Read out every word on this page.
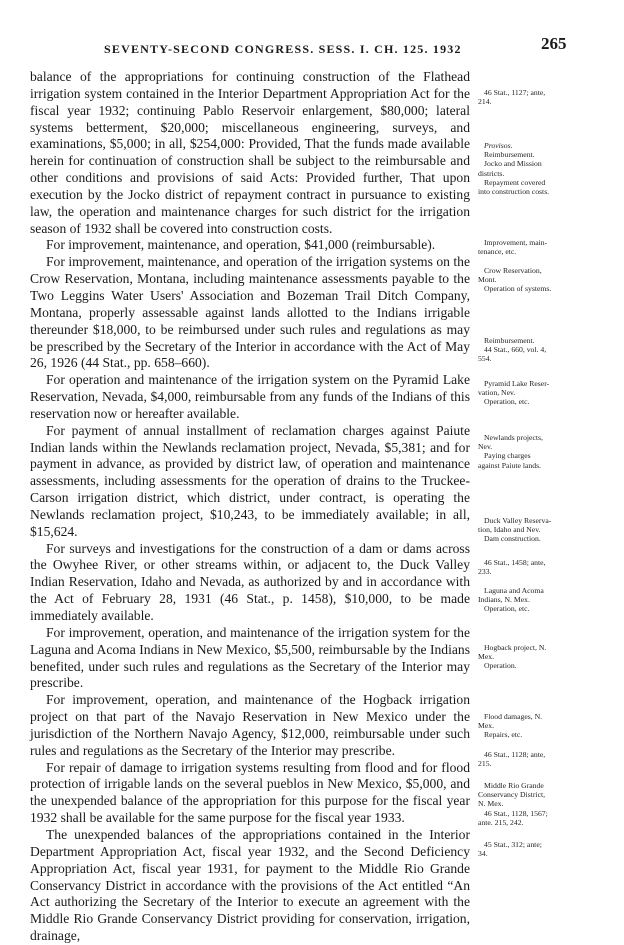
SEVENTY-SECOND CONGRESS. SESS. I. CH. 125. 1932	265

balance of the appropriations for continuing construction of the Flathead irrigation system contained in the Interior Department Appropriation Act for the fiscal year 1932; continuing Pablo Reservoir enlargement, $80,000; lateral systems betterment, $20,000; miscellaneous engineering, surveys, and examinations, $5,000; in all, $254,000: Provided, That the funds made available herein for continuation of construction shall be subject to the reimbursable and other conditions and provisions of said Acts: Provided further, That upon execution by the Jocko district of repayment contract in pursuance to existing law, the operation and maintenance charges for such district for the irrigation season of 1932 shall be covered into construction costs.

For improvement, maintenance, and operation, $41,000 (reimbursable).

For improvement, maintenance, and operation of the irrigation systems on the Crow Reservation, Montana, including maintenance assessments payable to the Two Leggins Water Users' Association and Bozeman Trail Ditch Company, Montana, properly assessable against lands allotted to the Indians irrigable thereunder $18,000, to be reimbursed under such rules and regulations as may be prescribed by the Secretary of the Interior in accordance with the Act of May 26, 1926 (44 Stat., pp. 658–660).

For operation and maintenance of the irrigation system on the Pyramid Lake Reservation, Nevada, $4,000, reimbursable from any funds of the Indians of this reservation now or hereafter available.

For payment of annual installment of reclamation charges against Paiute Indian lands within the Newlands reclamation project, Nevada, $5,381; and for payment in advance, as provided by district law, of operation and maintenance assessments, including assessments for the operation of drains to the Truckee-Carson irrigation district, which district, under contract, is operating the Newlands reclamation project, $10,243, to be immediately available; in all, $15,624.

For surveys and investigations for the construction of a dam or dams across the Owyhee River, or other streams within, or adjacent to, the Duck Valley Indian Reservation, Idaho and Nevada, as authorized by and in accordance with the Act of February 28, 1931 (46 Stat., p. 1458), $10,000, to be made immediately available.

For improvement, operation, and maintenance of the irrigation system for the Laguna and Acoma Indians in New Mexico, $5,500, reimbursable by the Indians benefited, under such rules and regulations as the Secretary of the Interior may prescribe.

For improvement, operation, and maintenance of the Hogback irrigation project on that part of the Navajo Reservation in New Mexico under the jurisdiction of the Northern Navajo Agency, $12,000, reimbursable under such rules and regulations as the Secretary of the Interior may prescribe.

For repair of damage to irrigation systems resulting from flood and for flood protection of irrigable lands on the several pueblos in New Mexico, $5,000, and the unexpended balance of the appropriation for this purpose for the fiscal year 1932 shall be available for the same purpose for the fiscal year 1933.

The unexpended balances of the appropriations contained in the Interior Department Appropriation Act, fiscal year 1932, and the Second Deficiency Appropriation Act, fiscal year 1931, for payment to the Middle Rio Grande Conservancy District in accordance with the provisions of the Act entitled “An Act authorizing the Secretary of the Interior to execute an agreement with the Middle Rio Grande Conservancy District providing for conservation, irrigation, drainage,

46 Stat., 1127; ante,
214.
Provisos.
Reimbursement.
Jocko and Mission
districts.
Repayment covered
into construction costs.
Improvement, main-
tenance, etc.
Crow Reservation,
Mont.
Operation of systems.
Reimbursement.
44 Stat., 660, vol. 4,
554.
Pyramid Lake Reser-
vation, Nev.
Operation, etc.
Newlands projects,
Nev.
Paying charges
against Paiute lands.
Duck Valley Reserva-
tion, Idaho and Nev.
Dam construction.
46 Stat., 1458; ante,
233.
Laguna and Acoma
Indians, N. Mex.
Operation, etc.
Hogback project, N.
Mex.
Operation.
Flood damages, N.
Mex.
Repairs, etc.
46 Stat., 1128; ante,
215.
Middle Rio Grande
Conservancy District,
N. Mex.
46 Stat., 1128, 1567;
ante. 215, 242.
45 Stat., 312; ante;
34.
